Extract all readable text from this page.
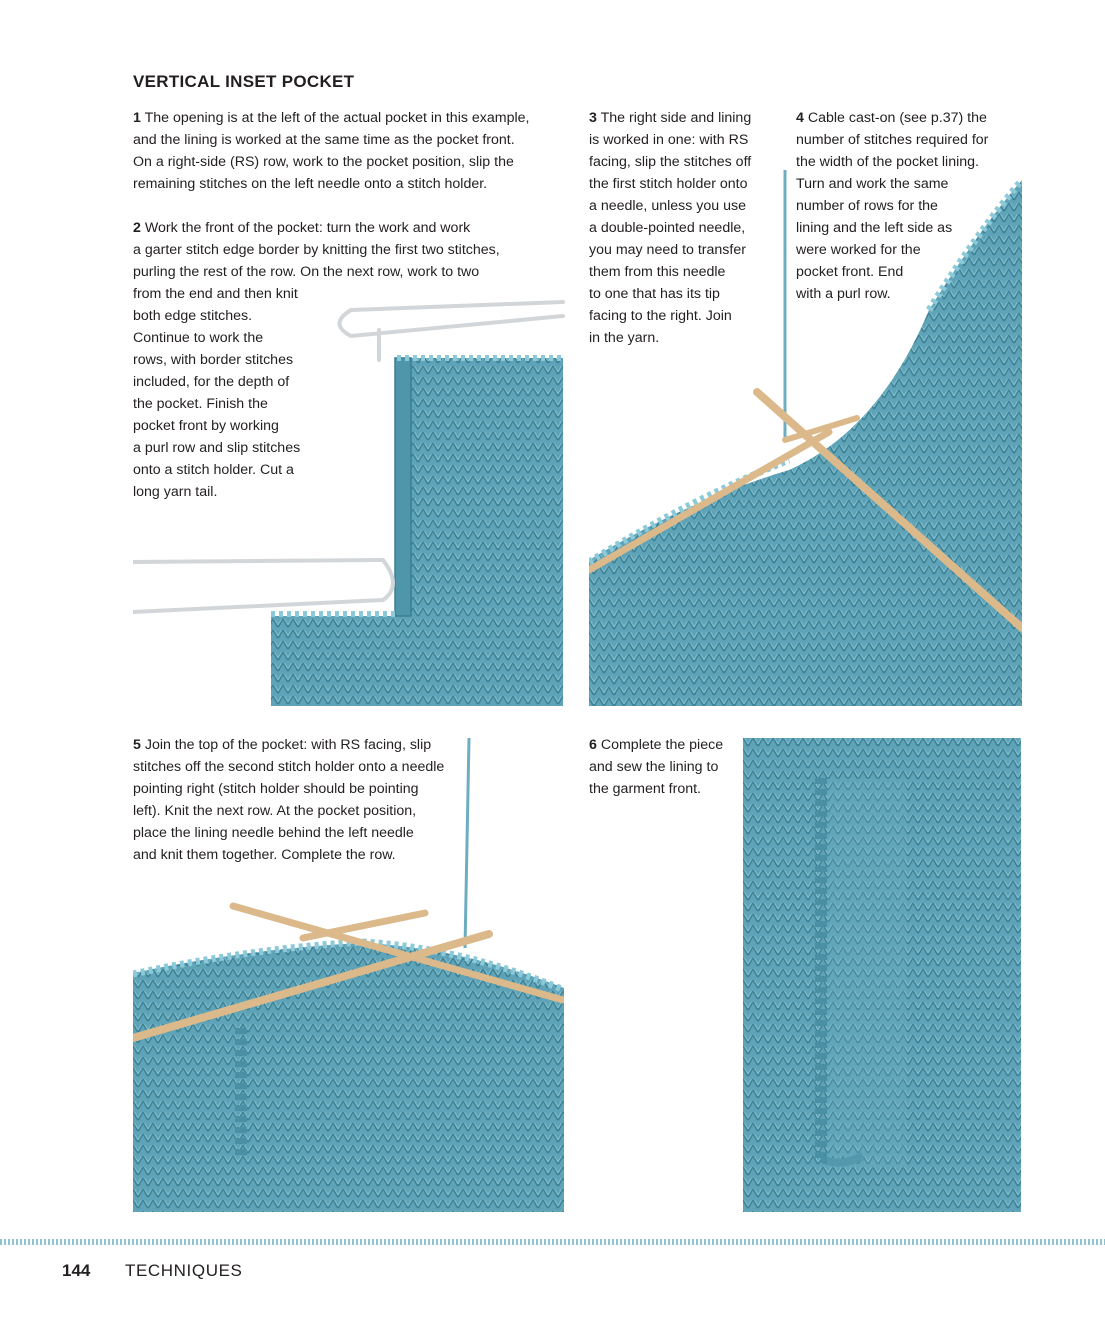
VERTICAL INSET POCKET
1 The opening is at the left of the actual pocket in this example,
and the lining is worked at the same time as the pocket front.
On a right-side (RS) row, work to the pocket position, slip the
remaining stitches on the left needle onto a stitch holder.
2 Work the front of the pocket: turn the work and work
a garter stitch edge border by knitting the first two stitches,
purling the rest of the row. On the next row, work to two
from the end and then knit
both edge stitches.
Continue to work the
rows, with border stitches
included, for the depth of
the pocket. Finish the
pocket front by working
a purl row and slip stitches
onto a stitch holder. Cut a
long yarn tail.
3 The right side and lining
is worked in one: with RS
facing, slip the stitches off
the first stitch holder onto
a needle, unless you use
a double-pointed needle,
you may need to transfer
them from this needle
to one that has its tip
facing to the right. Join
in the yarn.
4 Cable cast-on (see p.37) the
number of stitches required for
the width of the pocket lining.
Turn and work the same
number of rows for the
lining and the left side as
were worked for the
pocket front. End
with a purl row.
5 Join the top of the pocket: with RS facing, slip
stitches off the second stitch holder onto a needle
pointing right (stitch holder should be pointing
left). Knit the next row. At the pocket position,
place the lining needle behind the left needle
and knit them together. Complete the row.
6 Complete the piece
and sew the lining to
the garment front.
144 TECHNIQUES
